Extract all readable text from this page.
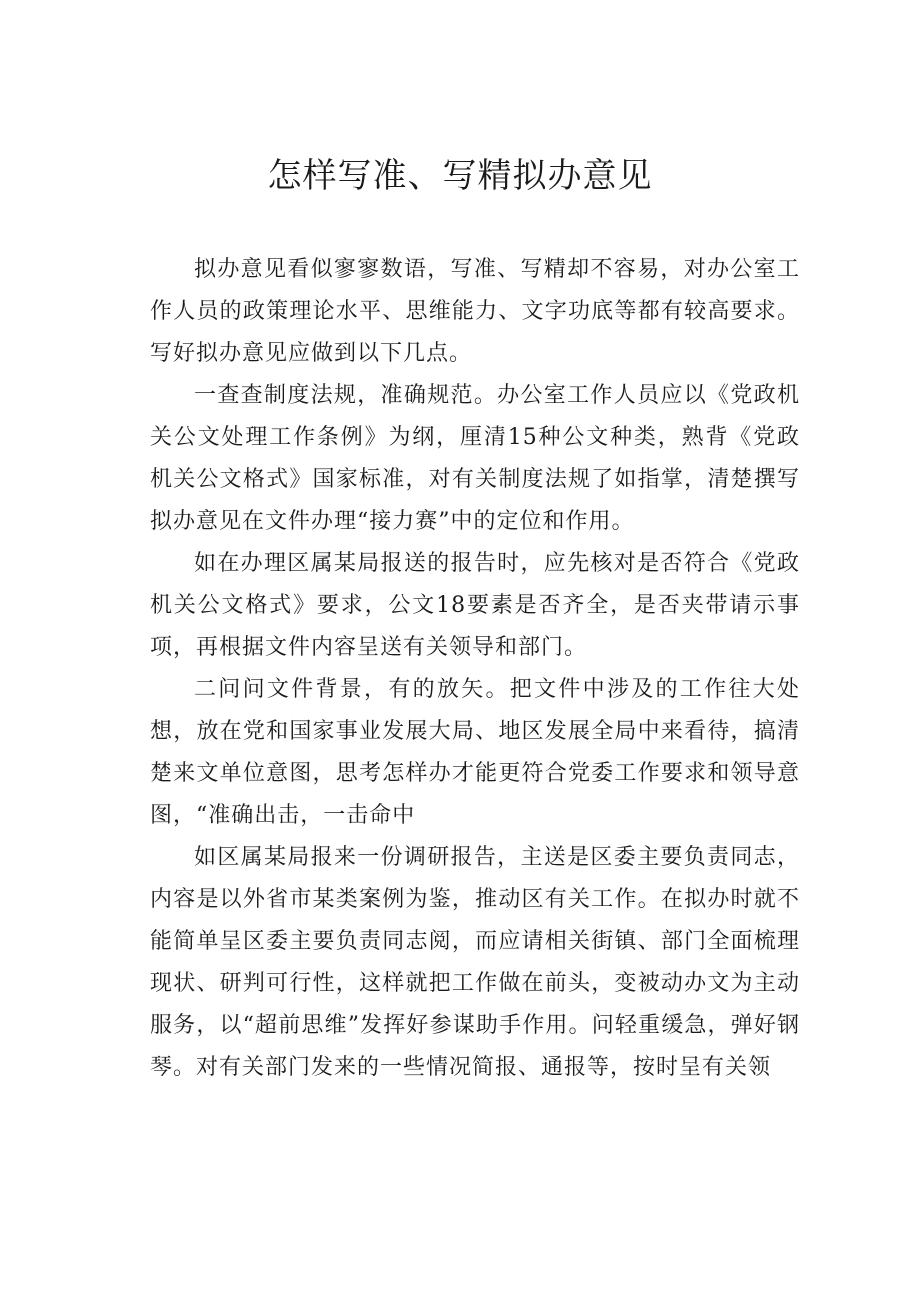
怎样写准、写精拟办意见

拟办意见看似寥寥数语，写准、写精却不容易，对办公室工作人员的政策理论水平、思维能力、文字功底等都有较高要求。写好拟办意见应做到以下几点。

一查查制度法规，准确规范。办公室工作人员应以《党政机关公文处理工作条例》为纲，厘清15种公文种类，熟背《党政机关公文格式》国家标准，对有关制度法规了如指掌，清楚撰写拟办意见在文件办理“接力赛”中的定位和作用。

如在办理区属某局报送的报告时，应先核对是否符合《党政机关公文格式》要求，公文18要素是否齐全，是否夹带请示事项，再根据文件内容呈送有关领导和部门。

二问问文件背景，有的放矢。把文件中涉及的工作往大处想，放在党和国家事业发展大局、地区发展全局中来看待，搞清楚来文单位意图，思考怎样办才能更符合党委工作要求和领导意图，“准确出击，一击命中

如区属某局报来一份调研报告，主送是区委主要负责同志，内容是以外省市某类案例为鉴，推动区有关工作。在拟办时就不能简单呈区委主要负责同志阅，而应请相关街镇、部门全面梳理现状、研判可行性，这样就把工作做在前头，变被动办文为主动服务，以“超前思维”发挥好参谋助手作用。问轻重缓急，弹好钢琴。对有关部门发来的一些情况简报、通报等，按时呈有关领
